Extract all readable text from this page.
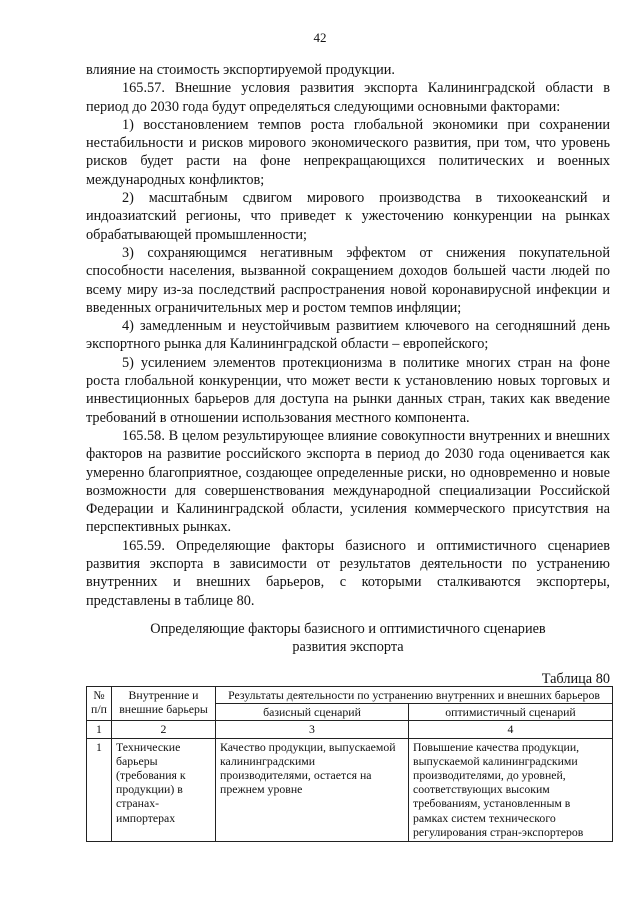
42

влияние на стоимость экспортируемой продукции.

165.57. Внешние условия развития экспорта Калининградской области в период до 2030 года будут определяться следующими основными факторами:

1) восстановлением темпов роста глобальной экономики при сохранении нестабильности и рисков мирового экономического развития, при том, что уровень рисков будет расти на фоне непрекращающихся политических и военных международных конфликтов;

2) масштабным сдвигом мирового производства в тихоокеанский и индоазиатский регионы, что приведет к ужесточению конкуренции на рынках обрабатывающей промышленности;

3) сохраняющимся негативным эффектом от снижения покупательной способности населения, вызванной сокращением доходов большей части людей по всему миру из-за последствий распространения новой коронавирусной инфекции и введенных ограничительных мер и ростом темпов инфляции;

4) замедленным и неустойчивым развитием ключевого на сегодняшний день экспортного рынка для Калининградской области – европейского;

5) усилением элементов протекционизма в политике многих стран на фоне роста глобальной конкуренции, что может вести к установлению новых торговых и инвестиционных барьеров для доступа на рынки данных стран, таких как введение требований в отношении использования местного компонента.

165.58. В целом результирующее влияние совокупности внутренних и внешних факторов на развитие российского экспорта в период до 2030 года оценивается как умеренно благоприятное, создающее определенные риски, но одновременно и новые возможности для совершенствования международной специализации Российской Федерации и Калининградской области, усиления коммерческого присутствия на перспективных рынках.

165.59. Определяющие факторы базисного и оптимистичного сценариев развития экспорта в зависимости от результатов деятельности по устранению внутренних и внешних барьеров, с которыми сталкиваются экспортеры, представлены в таблице 80.

Определяющие факторы базисного и оптимистичного сценариев
развития экспорта
Таблица 80
№ п/п	Внутренние и внешние барьеры	Результаты деятельности по устранению внутренних и внешних барьеров	
		базисный сценарий	оптимистичный сценарий
1	2	3	4
1	Технические барьеры (требования к продукции) в странах-импортерах	Качество продукции, выпускаемой калининградскими производителями, остается на прежнем уровне	Повышение качества продукции, выпускаемой калининградскими производителями, до уровней, соответствующих высоким требованиям, установленным в рамках систем технического регулирования стран-экспортеров
